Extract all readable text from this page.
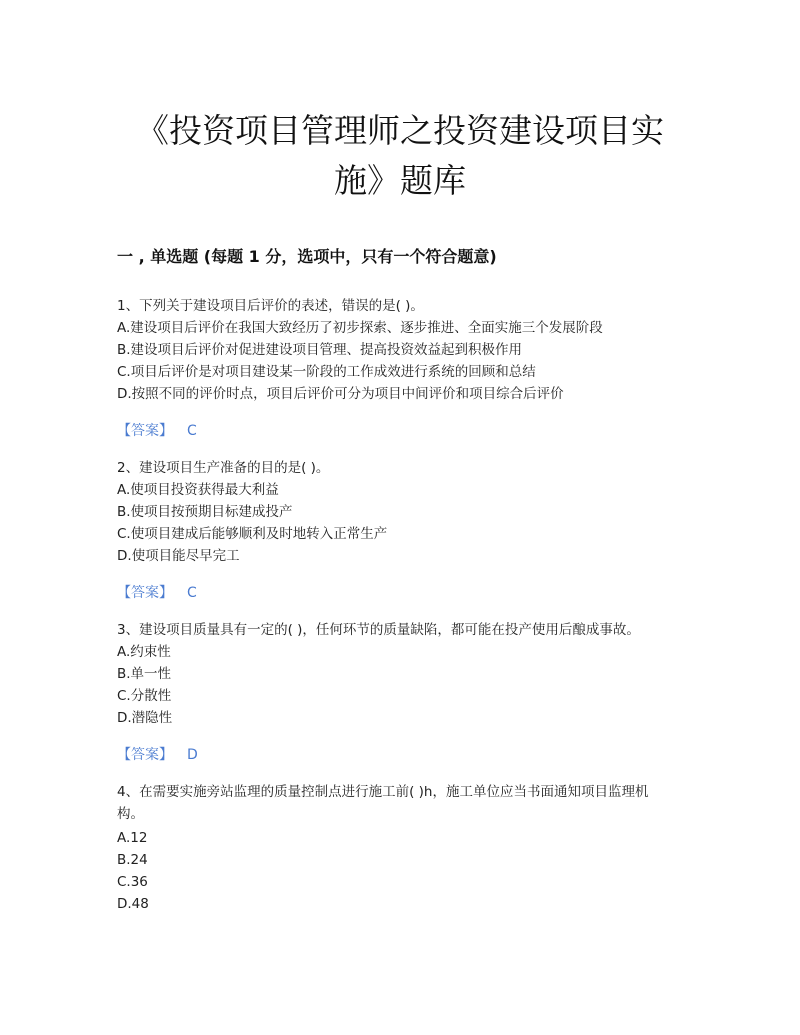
《投资项目管理师之投资建设项目实
施》题库
一 , 单选题 (每题 1 分，选项中，只有一个符合题意)
1、下列关于建设项目后评价的表述，错误的是( )。
A.建设项目后评价在我国大致经历了初步探索、逐步推进、全面实施三个发展阶段
B.建设项目后评价对促进建设项目管理、提高投资效益起到积极作用
C.项目后评价是对项目建设某一阶段的工作成效进行系统的回顾和总结
D.按照不同的评价时点，项目后评价可分为项目中间评价和项目综合后评价
【答案】 C
2、建设项目生产准备的目的是( )。
A.使项目投资获得最大利益
B.使项目按预期目标建成投产
C.使项目建成后能够顺利及时地转入正常生产
D.使项目能尽早完工
【答案】 C
3、建设项目质量具有一定的( )，任何环节的质量缺陷，都可能在投产使用后酿成事故。
A.约束性
B.单一性
C.分散性
D.潜隐性
【答案】 D
4、在需要实施旁站监理的质量控制点进行施工前( )h，施工单位应当书面通知项目监理机
构。
A.12
B.24
C.36
D.48
